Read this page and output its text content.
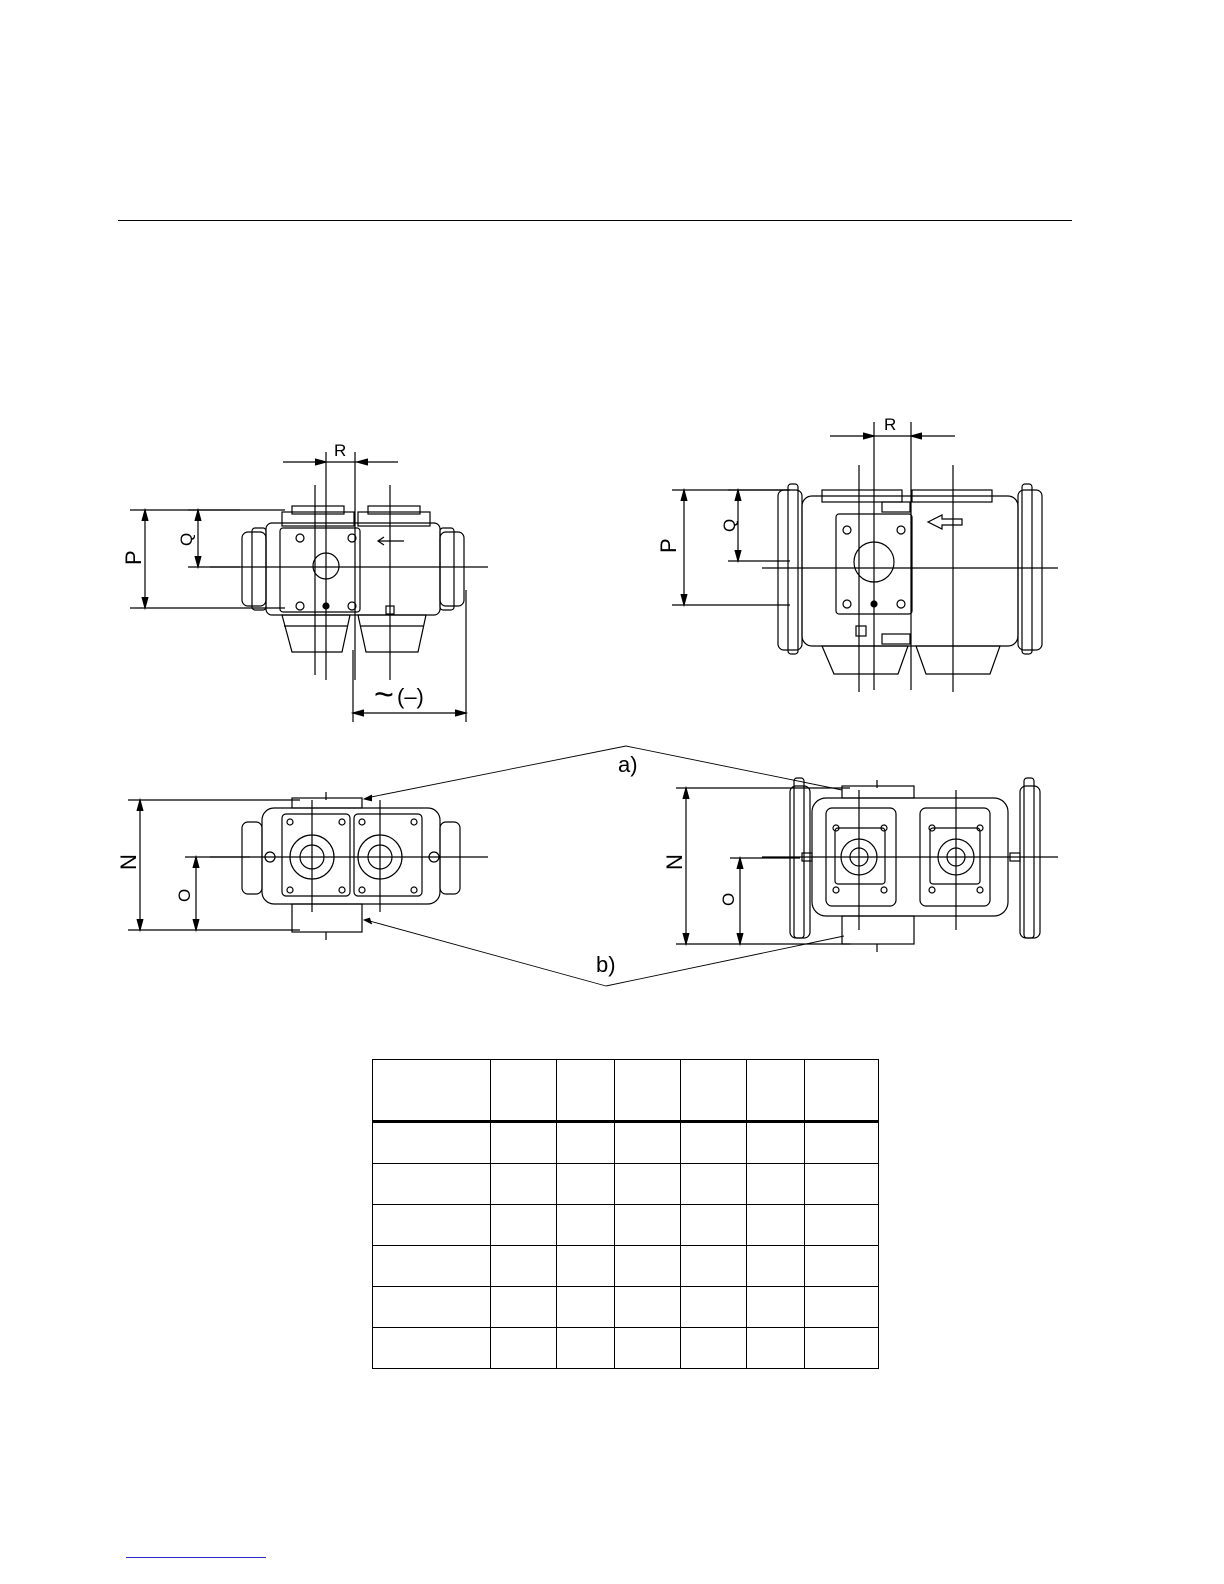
R
R
P
P
Q
Q
N	N
O	O
~ (–)
a)
b)
